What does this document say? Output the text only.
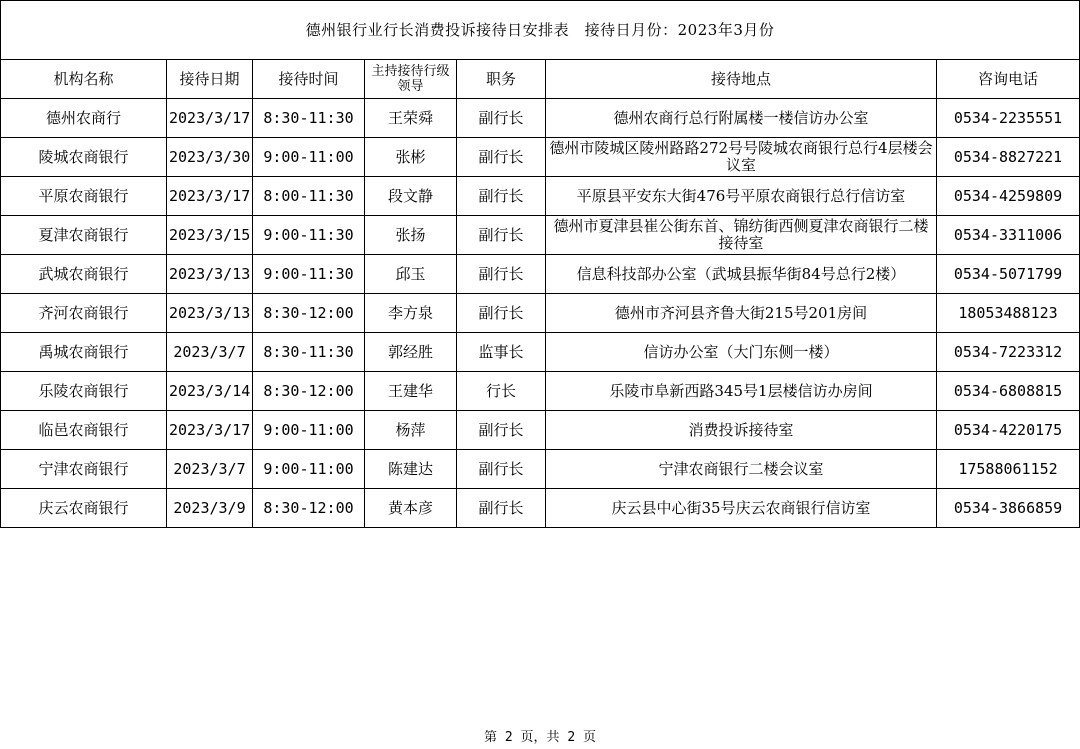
德州银行业行长消费投诉接待日安排表　接待日月份：2023年3月份						
机构名称	接待日期	接待时间	主持接待行级领导	职务	接待地点	咨询电话
德州农商行	2023/3/17	8:30-11:30	王荣舜	副行长	德州农商行总行附属楼一楼信访办公室	0534-2235551
陵城农商银行	2023/3/30	9:00-11:00	张彬	副行长	德州市陵城区陵州路路272号号陵城农商银行总行4层楼会议室	0534-8827221
平原农商银行	2023/3/17	8:00-11:30	段文静	副行长	平原县平安东大街476号平原农商银行总行信访室	0534-4259809
夏津农商银行	2023/3/15	9:00-11:30	张扬	副行长	德州市夏津县崔公街东首、锦纺街西侧夏津农商银行二楼接待室	0534-3311006
武城农商银行	2023/3/13	9:00-11:30	邱玉	副行长	信息科技部办公室（武城县振华街84号总行2楼）	0534-5071799
齐河农商银行	2023/3/13	8:30-12:00	李方泉	副行长	德州市齐河县齐鲁大街215号201房间	18053488123
禹城农商银行	2023/3/7	8:30-11:30	郭经胜	监事长	信访办公室（大门东侧一楼）	0534-7223312
乐陵农商银行	2023/3/14	8:30-12:00	王建华	行长	乐陵市阜新西路345号1层楼信访办房间	0534-6808815
临邑农商银行	2023/3/17	9:00-11:00	杨萍	副行长	消费投诉接待室	0534-4220175
宁津农商银行	2023/3/7	9:00-11:00	陈建达	副行长	宁津农商银行二楼会议室	17588061152
庆云农商银行	2023/3/9	8:30-12:00	黄本彦	副行长	庆云县中心街35号庆云农商银行信访室	0534-3866859
第 2 页，共 2 页
